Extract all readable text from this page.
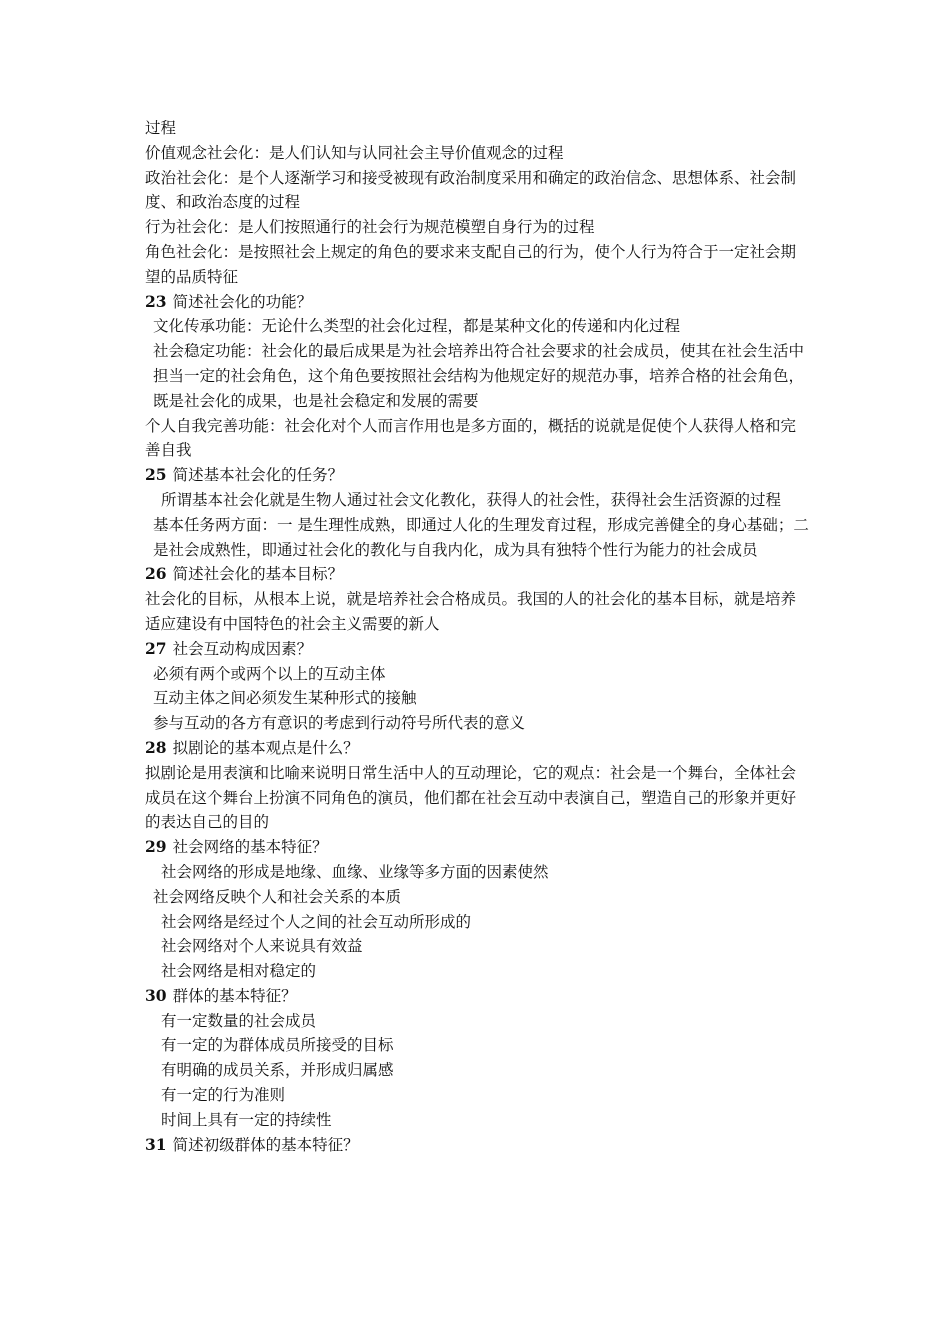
过程
价值观念社会化：是人们认知与认同社会主导价值观念的过程
政治社会化：是个人逐渐学习和接受被现有政治制度采用和确定的政治信念、思想体系、社会制度、和政治态度的过程
行为社会化：是人们按照通行的社会行为规范模塑自身行为的过程
角色社会化：是按照社会上规定的角色的要求来支配自己的行为，使个人行为符合于一定社会期望的品质特征
23 简述社会化的功能？
文化传承功能：无论什么类型的社会化过程，都是某种文化的传递和内化过程
社会稳定功能：社会化的最后成果是为社会培养出符合社会要求的社会成员，使其在社会生活中担当一定的社会角色，这个角色要按照社会结构为他规定好的规范办事，培养合格的社会角色，既是社会化的成果，也是社会稳定和发展的需要
个人自我完善功能：社会化对个人而言作用也是多方面的，概括的说就是促使个人获得人格和完善自我
25 简述基本社会化的任务？
所谓基本社会化就是生物人通过社会文化教化，获得人的社会性，获得社会生活资源的过程
基本任务两方面：一 是生理性成熟，即通过人化的生理发育过程，形成完善健全的身心基础；二是社会成熟性，即通过社会化的教化与自我内化，成为具有独特个性行为能力的社会成员
26 简述社会化的基本目标？
社会化的目标，从根本上说，就是培养社会合格成员。我国的人的社会化的基本目标，就是培养适应建设有中国特色的社会主义需要的新人
27 社会互动构成因素？
必须有两个或两个以上的互动主体
互动主体之间必须发生某种形式的接触
参与互动的各方有意识的考虑到行动符号所代表的意义
28 拟剧论的基本观点是什么？
拟剧论是用表演和比喻来说明日常生活中人的互动理论，它的观点：社会是一个舞台，全体社会成员在这个舞台上扮演不同角色的演员，他们都在社会互动中表演自己，塑造自己的形象并更好的表达自己的目的
29 社会网络的基本特征？
社会网络的形成是地缘、血缘、业缘等多方面的因素使然
社会网络反映个人和社会关系的本质
社会网络是经过个人之间的社会互动所形成的
社会网络对个人来说具有效益
社会网络是相对稳定的
30 群体的基本特征？
有一定数量的社会成员
有一定的为群体成员所接受的目标
有明确的成员关系，并形成归属感
有一定的行为准则
时间上具有一定的持续性
31 简述初级群体的基本特征？
